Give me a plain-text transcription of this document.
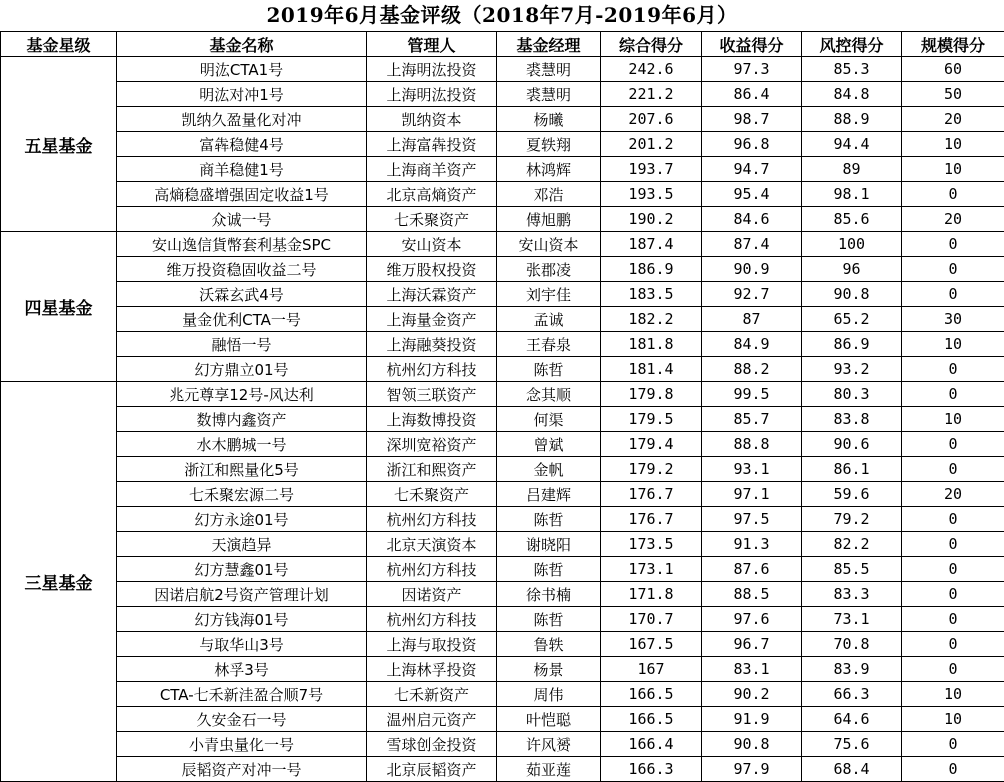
2019年6月基金评级（2018年7月-2019年6月）
基金星级	基金名称	管理人	基金经理	综合得分	收益得分	风控得分	规模得分
五星基金	明汯CTA1号	上海明汯投资	裘慧明	242.6	97.3	85.3	60
	明汯对冲1号	上海明汯投资	裘慧明	221.2	86.4	84.8	50
	凯纳久盈量化对冲	凯纳资本	杨曦	207.6	98.7	88.9	20
	富犇稳健4号	上海富犇投资	夏轶翔	201.2	96.8	94.4	10
	商羊稳健1号	上海商羊资产	林鸿辉	193.7	94.7	89	10
	高熵稳盛增强固定收益1号	北京高熵资产	邓浩	193.5	95.4	98.1	0
	众诚一号	七禾聚资产	傅旭鹏	190.2	84.6	85.6	20
四星基金	安山逸信貨幣套利基金SPC	安山资本	安山资本	187.4	87.4	100	0
	维万投资稳固收益二号	维万股权投资	张郡凌	186.9	90.9	96	0
	沃霖玄武4号	上海沃霖资产	刘宇佳	183.5	92.7	90.8	0
	量金优利CTA一号	上海量金资产	孟诚	182.2	87	65.2	30
	融悟一号	上海融葵投资	王春泉	181.8	84.9	86.9	10
	幻方鼎立01号	杭州幻方科技	陈哲	181.4	88.2	93.2	0
三星基金	兆元尊享12号-风达利	智领三联资产	念其顺	179.8	99.5	80.3	0
	数博内鑫资产	上海数博投资	何渠	179.5	85.7	83.8	10
	水木鹏城一号	深圳宽裕资产	曾斌	179.4	88.8	90.6	0
	浙江和熙量化5号	浙江和熙资产	金帆	179.2	93.1	86.1	0
	七禾聚宏源二号	七禾聚资产	吕建辉	176.7	97.1	59.6	20
	幻方永途01号	杭州幻方科技	陈哲	176.7	97.5	79.2	0
	天演趋异	北京天演资本	谢晓阳	173.5	91.3	82.2	0
	幻方慧鑫01号	杭州幻方科技	陈哲	173.1	87.6	85.5	0
	因诺启航2号资产管理计划	因诺资产	徐书楠	171.8	88.5	83.3	0
	幻方钱海01号	杭州幻方科技	陈哲	170.7	97.6	73.1	0
	与取华山3号	上海与取投资	鲁轶	167.5	96.7	70.8	0
	林孚3号	上海林孚投资	杨景	167	83.1	83.9	0
	CTA-七禾新洼盈合顺7号	七禾新资产	周伟	166.5	90.2	66.3	10
	久安金石一号	温州启元资产	叶恺聪	166.5	91.9	64.6	10
	小青虫量化一号	雪球创金投资	许风赟	166.4	90.8	75.6	0
	辰韬资产对冲一号	北京辰韬资产	茹亚莲	166.3	97.9	68.4	0
